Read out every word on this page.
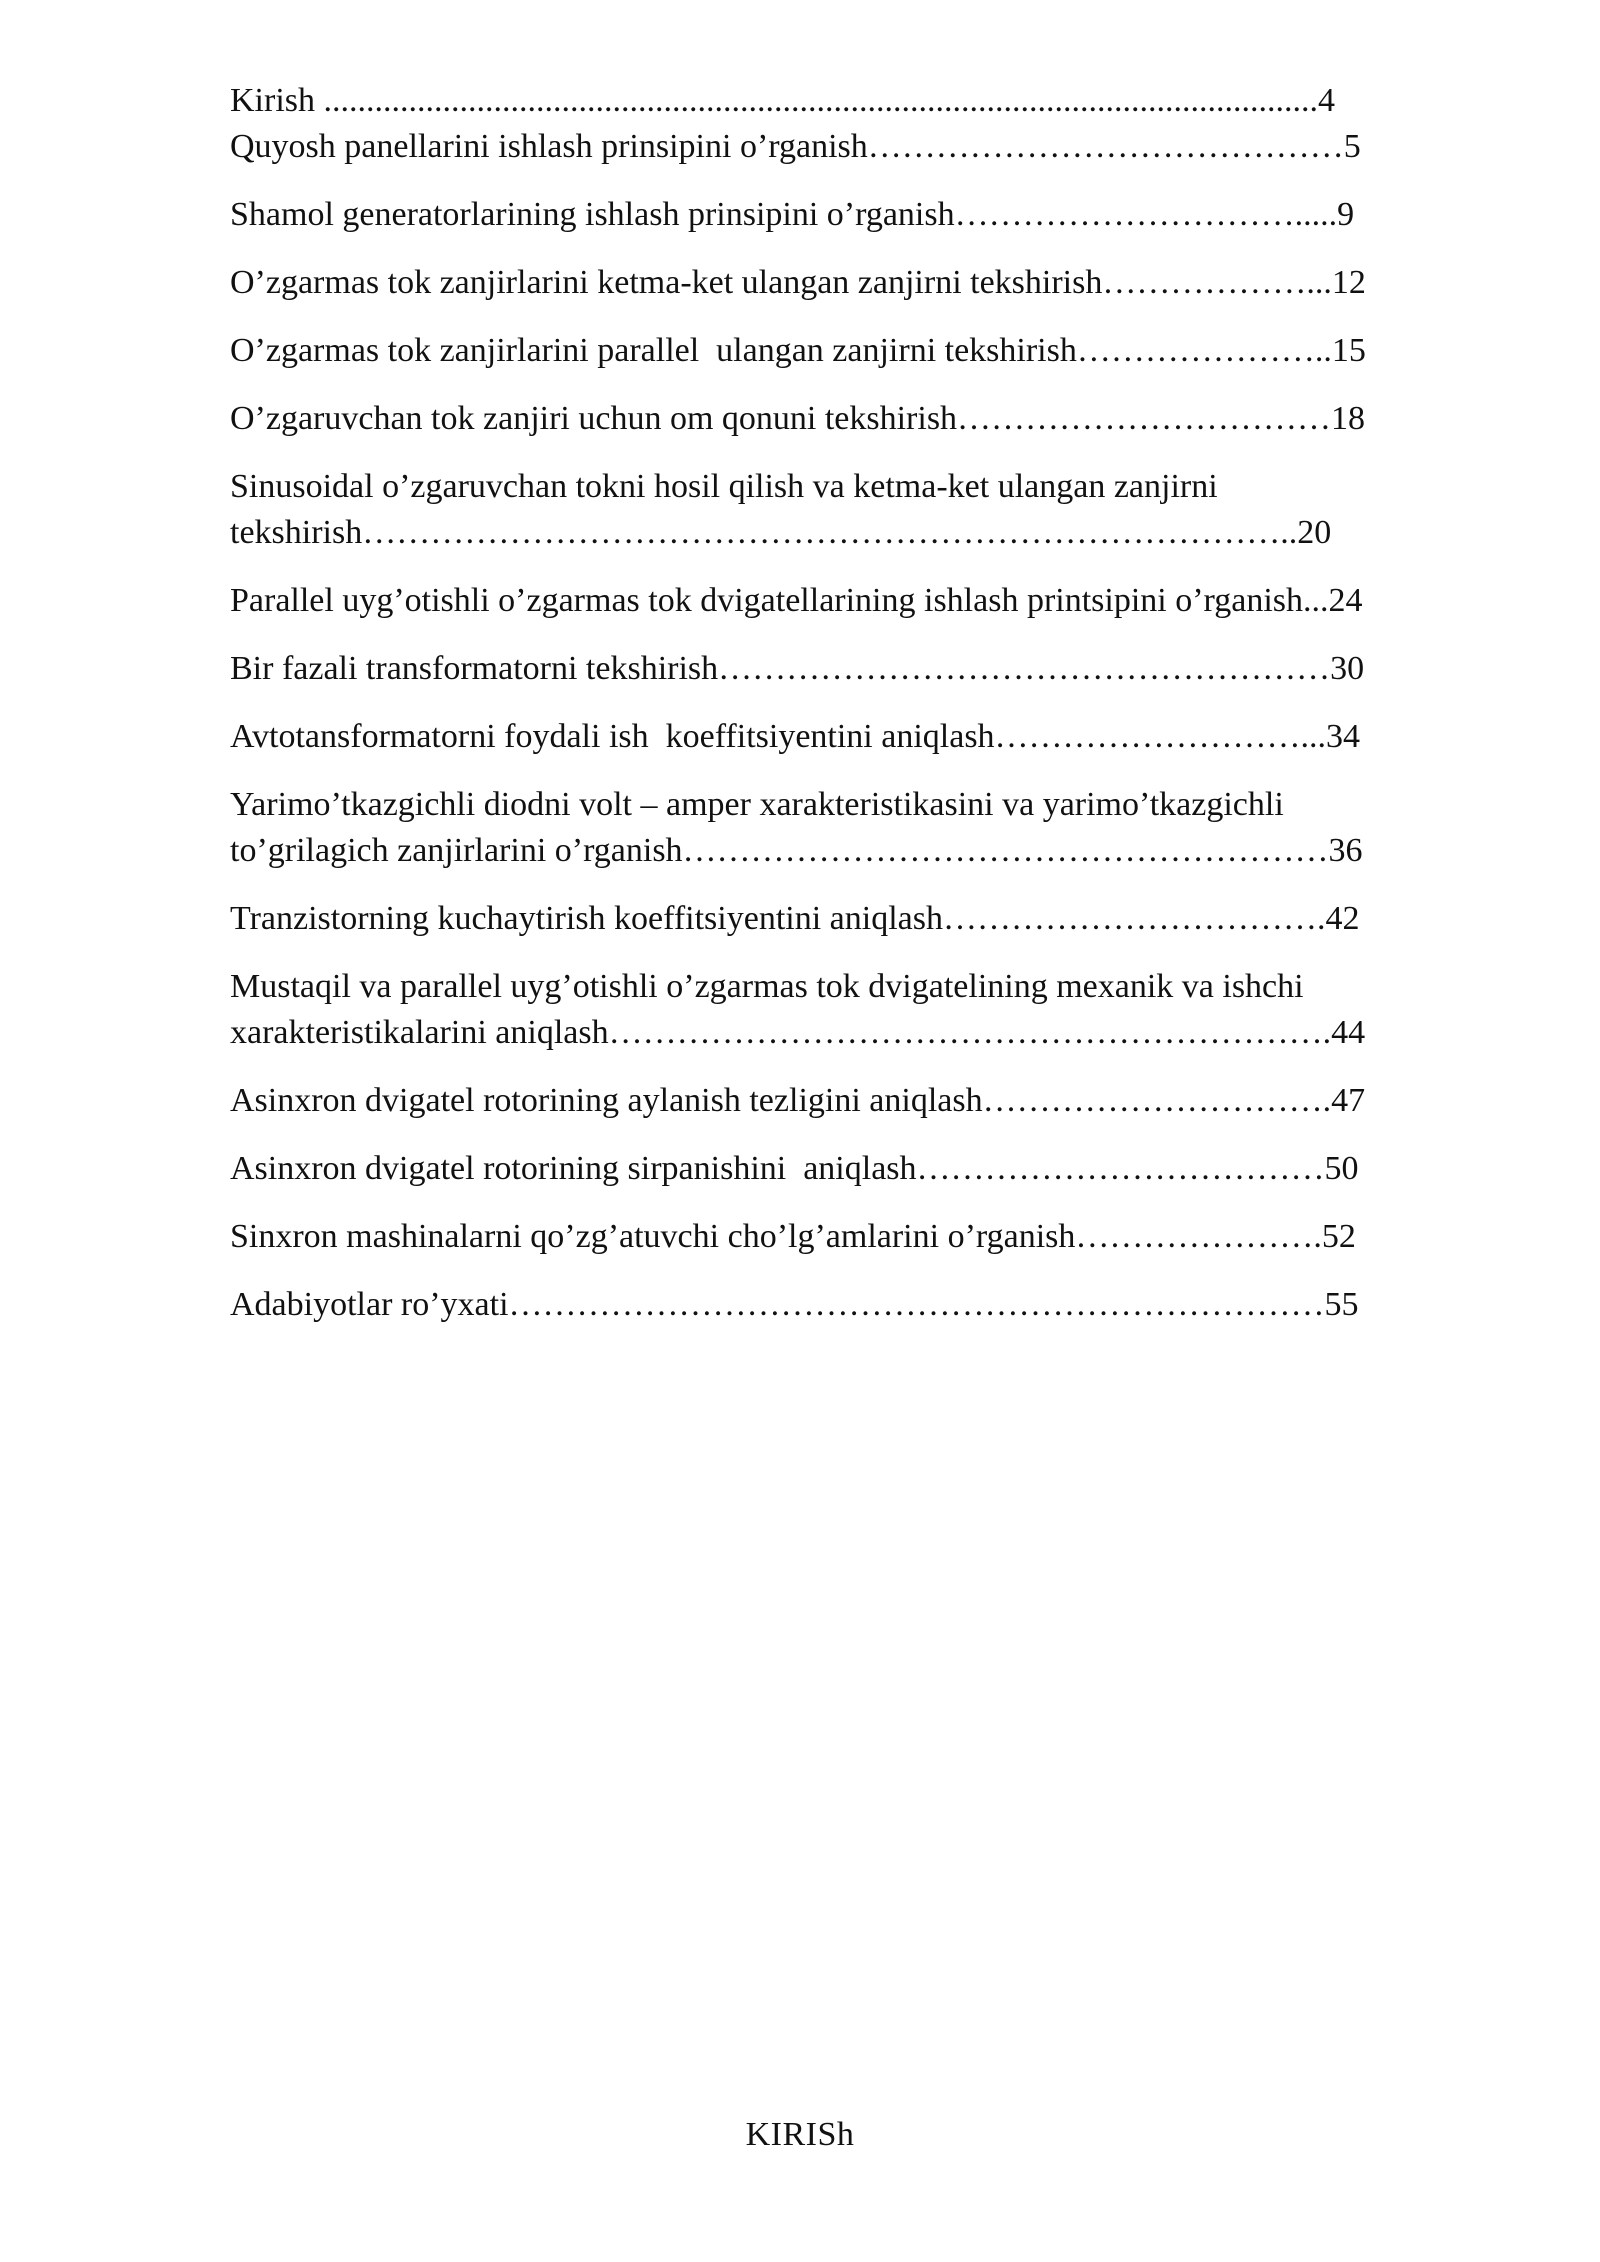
Kirish .....................................................................................................................4

Quyosh panellarini ishlash prinsipini o’rganish……………………………………5

Shamol generatorlarining ishlash prinsipini o’rganish………………………….....9

O’zgarmas tok zanjirlarini ketma-ket ulangan zanjirni tekshirish………………...12

O’zgarmas tok zanjirlarini parallel  ulangan zanjirni tekshirish…………………..15

O’zgaruvchan tok zanjiri uchun om qonuni tekshirish……………………………18

Sinusoidal o’zgaruvchan tokni hosil qilish va ketma-ket ulangan zanjirni
tekshirish………………………………………………………………………..20

Parallel uyg’otishli o’zgarmas tok dvigatellarining ishlash printsipini o’rganish...24

Bir fazali transformatorni tekshirish………………………………………………30

Avtotansformatorni foydali ish  koeffitsiyentini aniqlash………………………...34

Yarimo’tkazgichli diodni volt – amper xarakteristikasini va yarimo’tkazgichli
to’grilagich zanjirlarini o’rganish…………………………………………………36

Tranzistorning kuchaytirish koeffitsiyentini aniqlash…………………………….42

Mustaqil va parallel uyg’otishli o’zgarmas tok dvigatelining mexanik va ishchi
xarakteristikalarini aniqlash……………………………………………………….44

Asinxron dvigatel rotorining aylanish tezligini aniqlash………………………….47

Asinxron dvigatel rotorining sirpanishini  aniqlash………………………………50

Sinxron mashinalarni qo’zg’atuvchi cho’lg’amlarini o’rganish………………….52

Adabiyotlar ro’yxati………………………………………………………………55

KIRISh
